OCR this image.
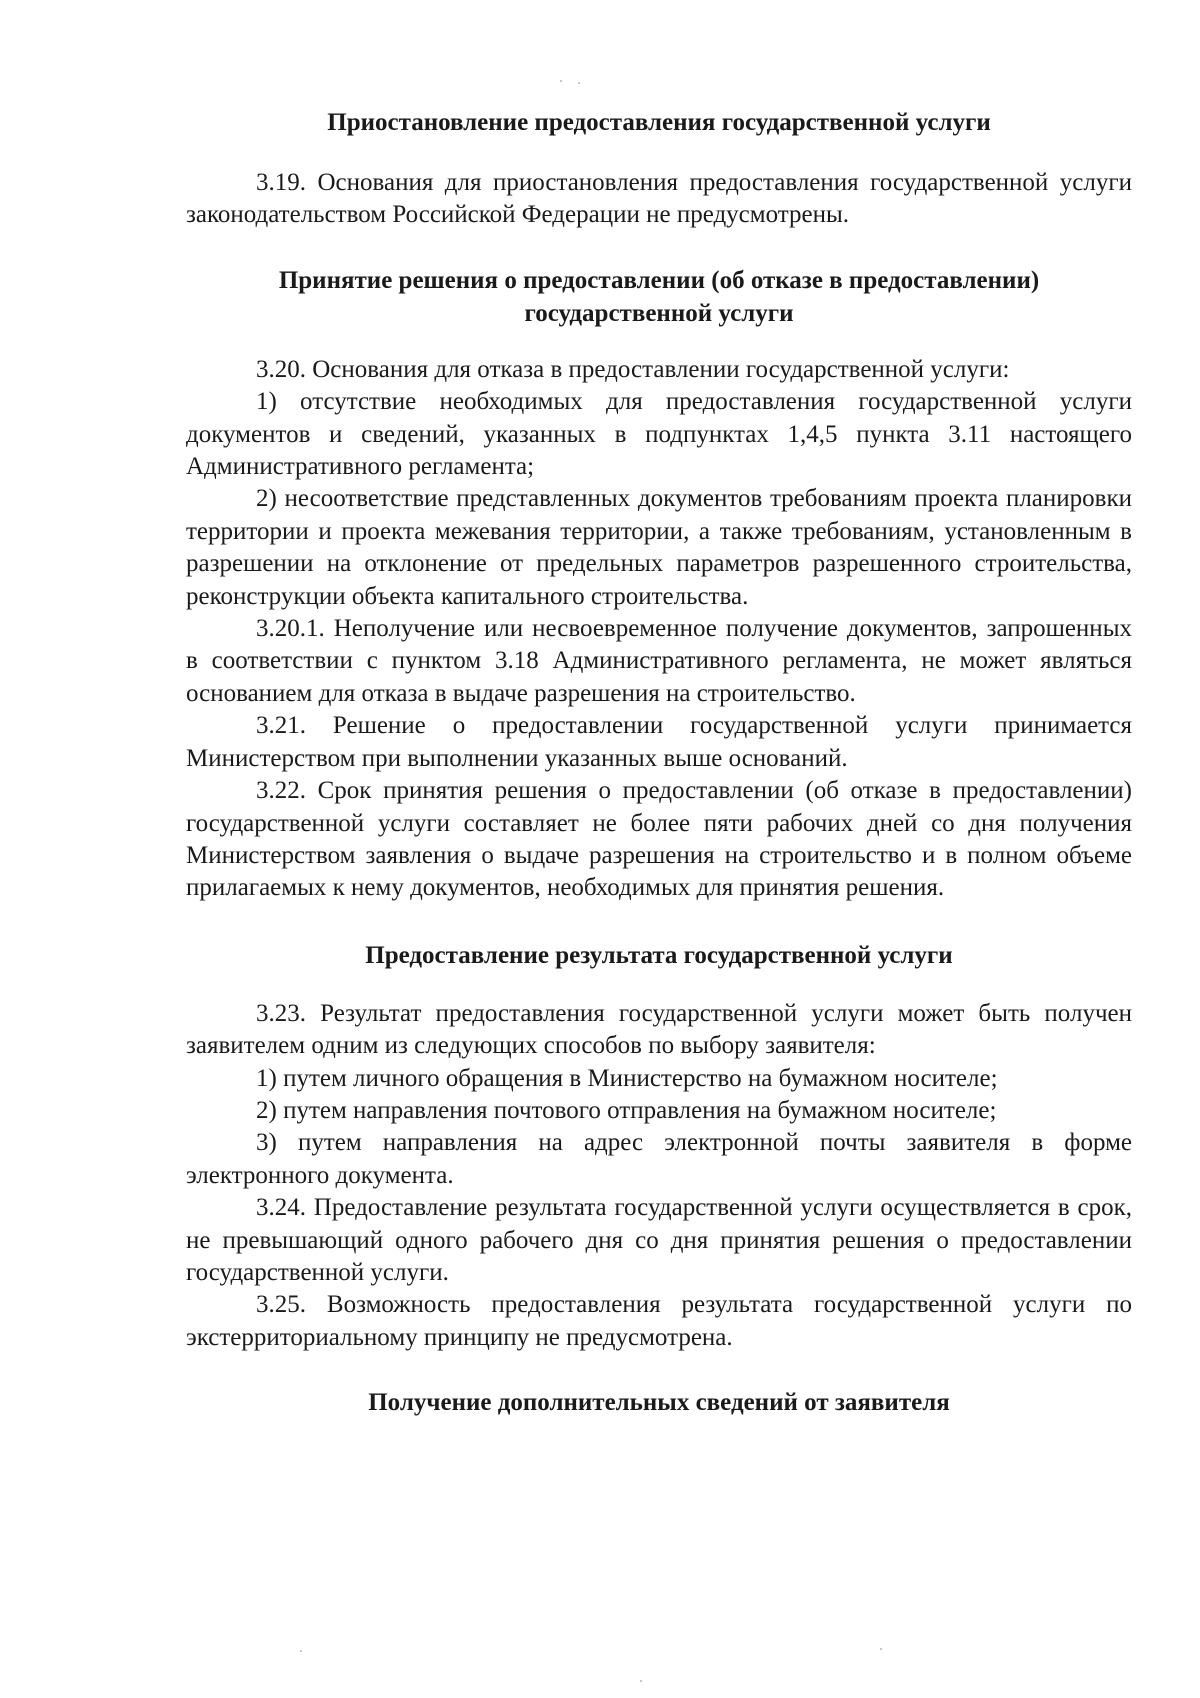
Приостановление предоставления государственной услуги

3.19. Основания для приостановления предоставления государственной услуги законодательством Российской Федерации не предусмотрены.

Принятие решения о предоставлении (об отказе в предоставлении) государственной услуги

3.20. Основания для отказа в предоставлении государственной услуги:

1) отсутствие необходимых для предоставления государственной услуги документов и сведений, указанных в подпунктах 1,4,5 пункта 3.11 настоящего Административного регламента;

2) несоответствие представленных документов требованиям проекта планировки территории и проекта межевания территории, а также требованиям, установленным в разрешении на отклонение от предельных параметров разрешенного строительства, реконструкции объекта капитального строительства.

3.20.1. Неполучение или несвоевременное получение документов, запрошенных в соответствии с пунктом 3.18 Административного регламента, не может являться основанием для отказа в выдаче разрешения на строительство.

3.21. Решение о предоставлении государственной услуги принимается Министерством при выполнении указанных выше оснований.

3.22. Срок принятия решения о предоставлении (об отказе в предоставлении) государственной услуги составляет не более пяти рабочих дней со дня получения Министерством заявления о выдаче разрешения на строительство и в полном объеме прилагаемых к нему документов, необходимых для принятия решения.

Предоставление результата государственной услуги

3.23. Результат предоставления государственной услуги может быть получен заявителем одним из следующих способов по выбору заявителя:

1) путем личного обращения в Министерство на бумажном носителе;

2) путем направления почтового отправления на бумажном носителе;

3) путем направления на адрес электронной почты заявителя в форме электронного документа.

3.24. Предоставление результата государственной услуги осуществляется в срок, не превышающий одного рабочего дня со дня принятия решения о предоставлении государственной услуги.

3.25. Возможность предоставления результата государственной услуги по экстерриториальному принципу не предусмотрена.

Получение дополнительных сведений от заявителя
